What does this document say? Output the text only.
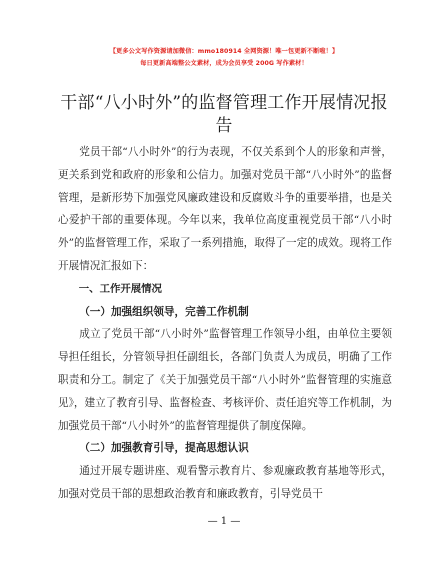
【更多公文写作资源请加微信：mmo180914 全网资源！唯一包更新不断啦！】
每日更新高端整公文素材，成为会员享受 200G 写作素材！
干部“八小时外”的监督管理工作开展情况报告

党员干部“八小时外”的行为表现，不仅关系到个人的形象和声誉，更关系到党和政府的形象和公信力。加强对党员干部“八小时外”的监督管理，是新形势下加强党风廉政建设和反腐败斗争的重要举措，也是关心爱护干部的重要体现。今年以来，我单位高度重视党员干部“八小时外”的监督管理工作，采取了一系列措施，取得了一定的成效。现将工作开展情况汇报如下：

一、工作开展情况

（一）加强组织领导，完善工作机制

成立了党员干部“八小时外”监督管理工作领导小组，由单位主要领导担任组长，分管领导担任副组长，各部门负责人为成员，明确了工作职责和分工。制定了《关于加强党员干部“八小时外”监督管理的实施意见》，建立了教育引导、监督检查、考核评价、责任追究等工作机制，为加强党员干部“八小时外”的监督管理提供了制度保障。

（二）加强教育引导，提高思想认识

通过开展专题讲座、观看警示教育片、参观廉政教育基地等形式，加强对党员干部的思想政治教育和廉政教育，引导党员干

— 1 —
